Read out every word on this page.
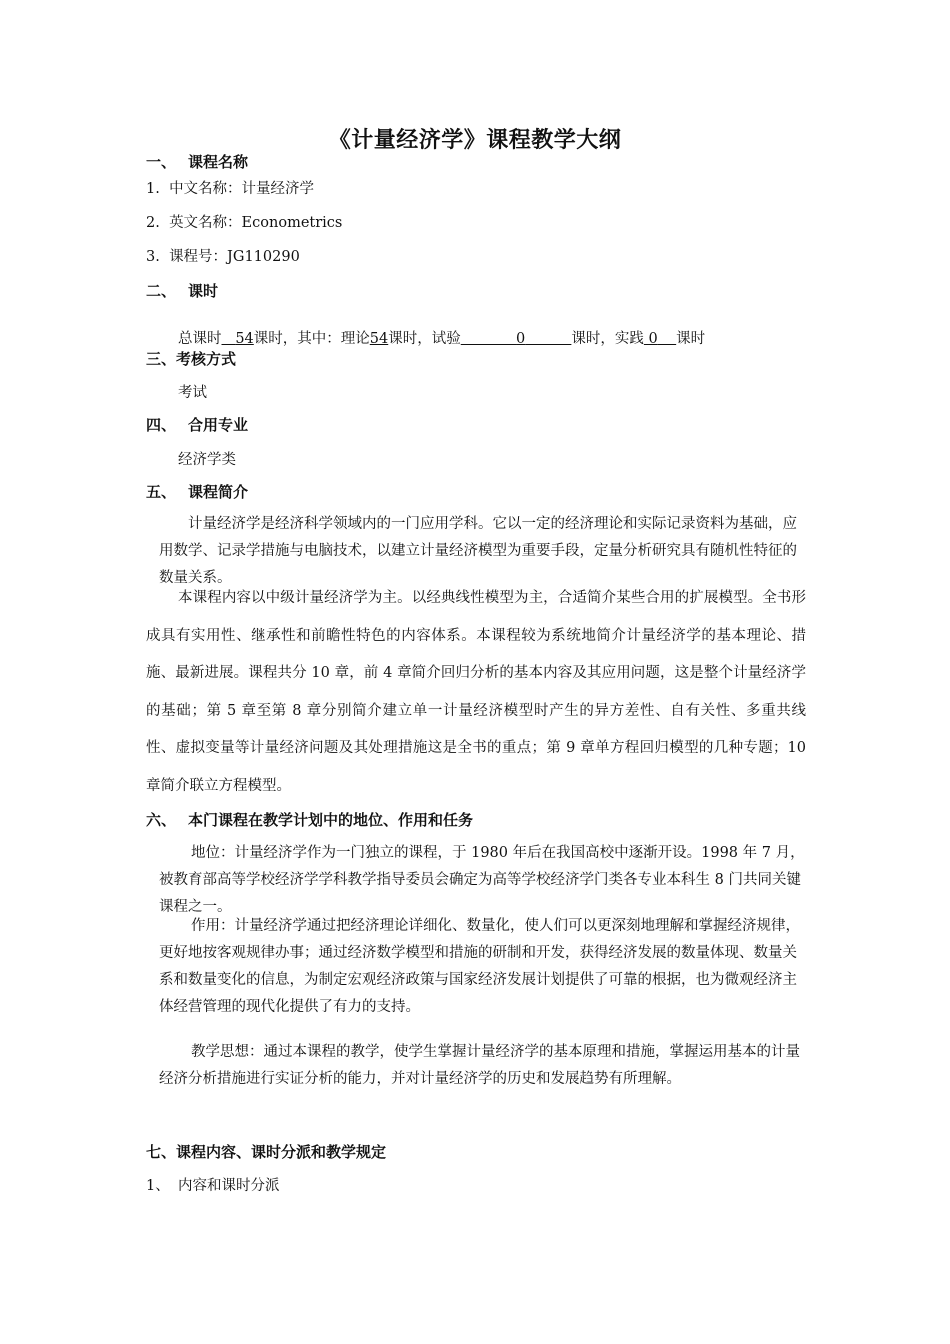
《计量经济学》课程教学大纲
一、 课程名称
1. 中文名称：计量经济学
2. 英文名称：Econometrics
3. 课程号：JG110290
二、 课时
总课时 54课时，其中：理论54课时，试验	0	课时，实践 0 课时
三、考核方式
考试
四、 合用专业
经济学类
五、 课程简介
计量经济学是经济科学领域内的一门应用学科。它以一定的经济理论和实际记录资料为基础，应用数学、记录学措施与电脑技术，以建立计量经济模型为重要手段，定量分析研究具有随机性特征的数量关系。
本课程内容以中级计量经济学为主。以经典线性模型为主，合适简介某些合用的扩展模型。全书形成具有实用性、继承性和前瞻性特色的内容体系。本课程较为系统地简介计量经济学的基本理论、措施、最新进展。课程共分 10 章，前 4 章简介回归分析的基本内容及其应用问题，这是整个计量经济学的基础；第 5 章至第 8 章分别简介建立单一计量经济模型时产生的异方差性、自有关性、多重共线性、虚拟变量等计量经济问题及其处理措施这是全书的重点；第 9 章单方程回归模型的几种专题；10 章简介联立方程模型。
六、 本门课程在教学计划中的地位、作用和任务
地位：计量经济学作为一门独立的课程，于 1980 年后在我国高校中逐渐开设。1998 年 7 月，被教育部高等学校经济学学科教学指导委员会确定为高等学校经济学门类各专业本科生 8 门共同关键课程之一。
作用：计量经济学通过把经济理论详细化、数量化，使人们可以更深刻地理解和掌握经济规律，更好地按客观规律办事；通过经济数学模型和措施的研制和开发，获得经济发展的数量体现、数量关系和数量变化的信息，为制定宏观经济政策与国家经济发展计划提供了可靠的根据，也为微观经济主体经营管理的现代化提供了有力的支持。
教学思想：通过本课程的教学，使学生掌握计量经济学的基本原理和措施，掌握运用基本的计量经济分析措施进行实证分析的能力，并对计量经济学的历史和发展趋势有所理解。
七、课程内容、课时分派和教学规定
1、 内容和课时分派
